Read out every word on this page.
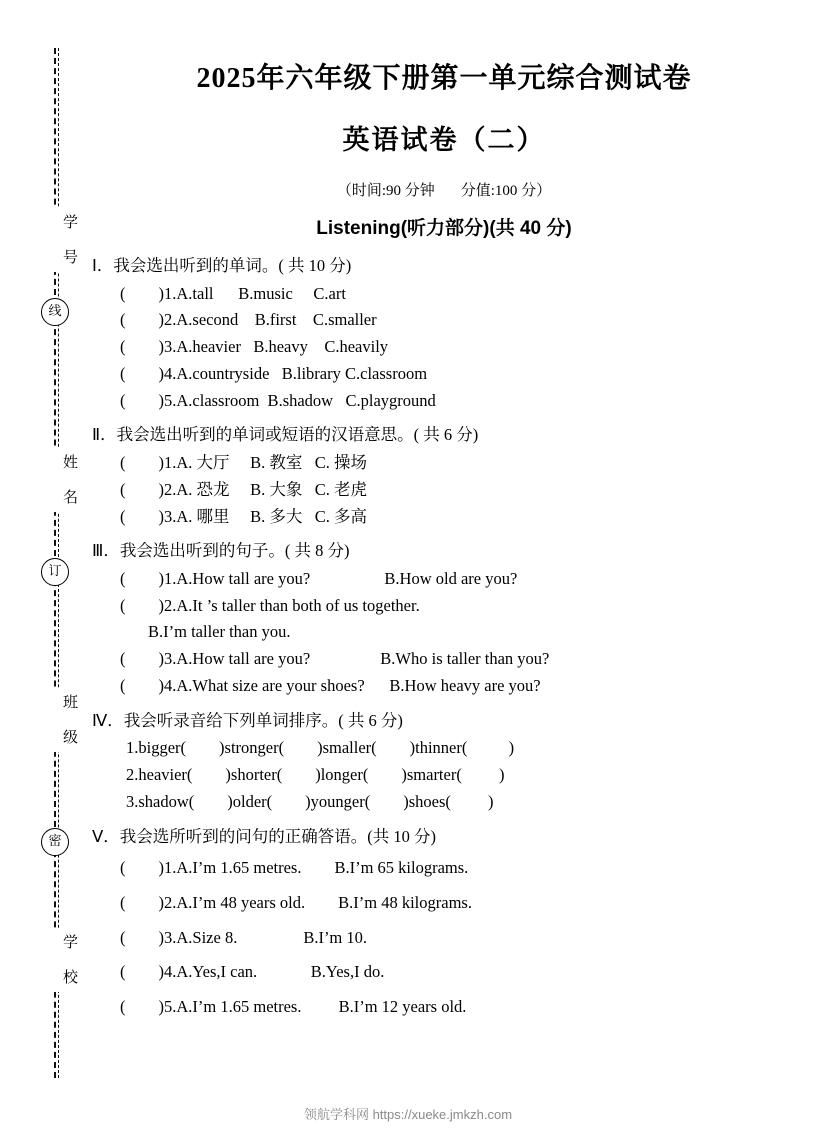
学 号
姓 名
班 级
学 校
线
订
密
2025年六年级下册第一单元综合测试卷
英语试卷（二）

（时间:90 分钟 分值:100 分）

Listening(听力部分)(共 40 分)

Ⅰ．我会选出听到的单词。( 共 10 分)

(        )1.A.tall      B.music     C.art

(        )2.A.second    B.first    C.smaller

(        )3.A.heavier   B.heavy    C.heavily

(        )4.A.countryside   B.library C.classroom

(        )5.A.classroom  B.shadow   C.playground

Ⅱ．我会选出听到的单词或短语的汉语意思。( 共 6 分)

(        )1.A. 大厅     B. 教室   C. 操场

(        )2.A. 恐龙     B. 大象   C. 老虎

(        )3.A. 哪里     B. 多大   C. 多高

Ⅲ．我会选出听到的句子。( 共 8 分)

(        )1.A.How tall are you?                  B.How old are you?

(        )2.A.It ’s taller than both of us together.

B.I’m taller than you.

(        )3.A.How tall are you?                 B.Who is taller than you?

(        )4.A.What size are your shoes?      B.How heavy are you?

Ⅳ．我会听录音给下列单词排序。( 共 6 分)

1.bigger(        )stronger(        )smaller(        )thinner(          )

2.heavier(        )shorter(        )longer(        )smarter(         )

3.shadow(        )older(        )younger(        )shoes(         )

Ⅴ．我会选所听到的问句的正确答语。(共 10 分)

(        )1.A.I’m 1.65 metres.        B.I’m 65 kilograms.

(        )2.A.I’m 48 years old.        B.I’m 48 kilograms.

(        )3.A.Size 8.                B.I’m 10.

(        )4.A.Yes,I can.             B.Yes,I do.

(        )5.A.I’m 1.65 metres.         B.I’m 12 years old.

领航学科网 https://xueke.jmkzh.com
